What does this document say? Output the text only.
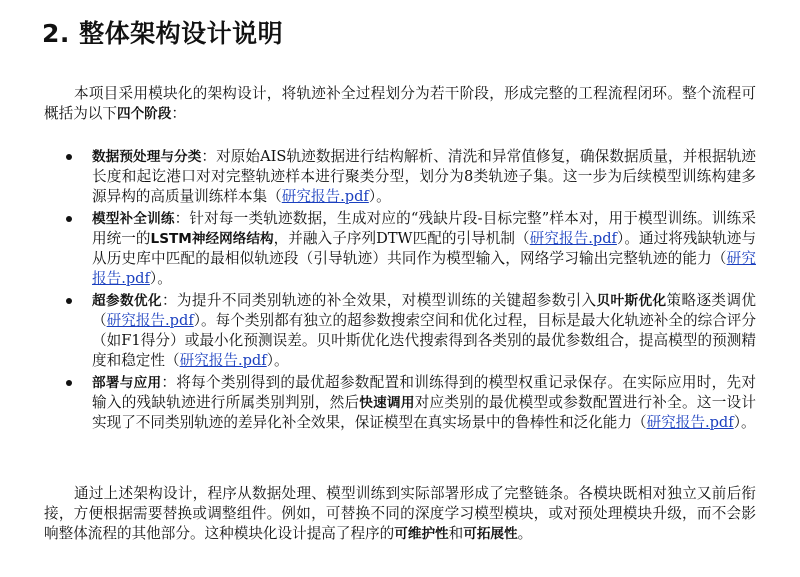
2. 整体架构设计说明

本项目采用模块化的架构设计，将轨迹补全过程划分为若干阶段，形成完整的工程流程闭环。整个流程可概括为以下四个阶段：

数据预处理与分类：对原始AIS轨迹数据进行结构解析、清洗和异常值修复，确保数据质量，并根据轨迹长度和起讫港口对对完整轨迹样本进行聚类分型，划分为8类轨迹子集。这一步为后续模型训练构建多源异构的高质量训练样本集（研究报告.pdf）。
模型补全训练：针对每一类轨迹数据，生成对应的“残缺片段-目标完整”样本对，用于模型训练。训练采用统一的LSTM神经网络结构，并融入子序列DTW匹配的引导机制（研究报告.pdf）。通过将残缺轨迹与从历史库中匹配的最相似轨迹段（引导轨迹）共同作为模型输入，网络学习输出完整轨迹的能力（研究报告.pdf）。
超参数优化：为提升不同类别轨迹的补全效果，对模型训练的关键超参数引入贝叶斯优化策略逐类调优（研究报告.pdf）。每个类别都有独立的超参数搜索空间和优化过程，目标是最大化轨迹补全的综合评分（如F1得分）或最小化预测误差。贝叶斯优化迭代搜索得到各类别的最优参数组合，提高模型的预测精度和稳定性（研究报告.pdf）。
部署与应用：将每个类别得到的最优超参数配置和训练得到的模型权重记录保存。在实际应用时，先对输入的残缺轨迹进行所属类别判别，然后快速调用对应类别的最优模型或参数配置进行补全。这一设计实现了不同类别轨迹的差异化补全效果，保证模型在真实场景中的鲁棒性和泛化能力（研究报告.pdf）。

通过上述架构设计，程序从数据处理、模型训练到实际部署形成了完整链条。各模块既相对独立又前后衔接，方便根据需要替换或调整组件。例如，可替换不同的深度学习模型模块，或对预处理模块升级，而不会影响整体流程的其他部分。这种模块化设计提高了程序的可维护性和可拓展性。
